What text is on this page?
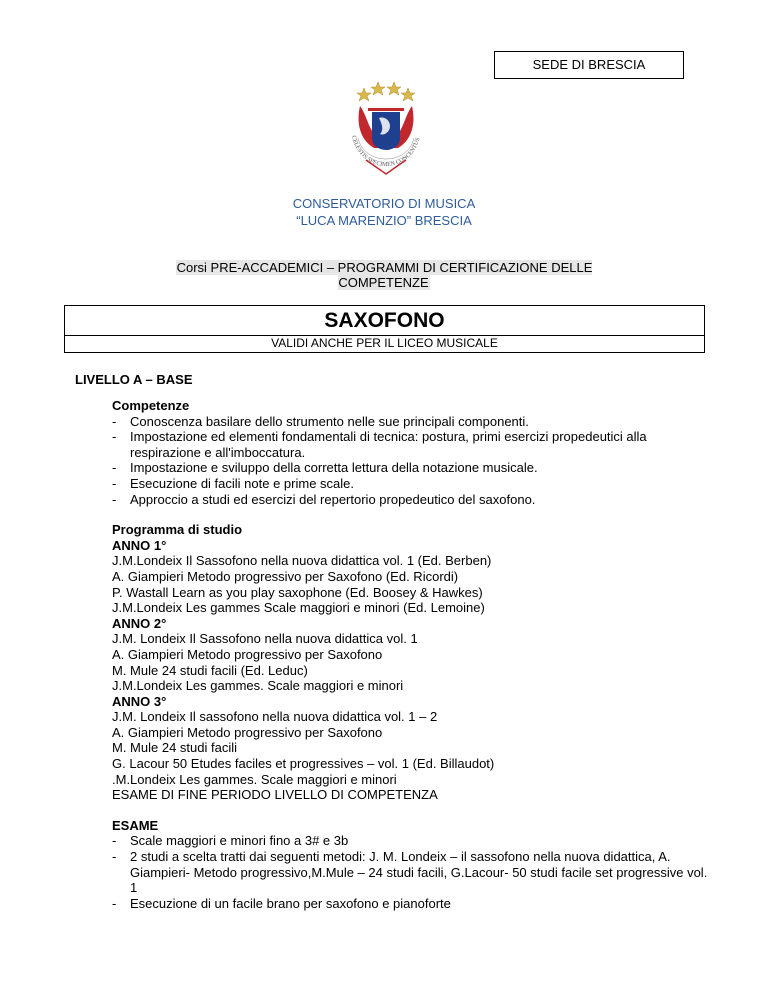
SEDE DI BRESCIA
CELESTIS SPECIMEN CONCENTUS
CONSERVATORIO DI MUSICA
“LUCA MARENZIO” BRESCIA
Corsi PRE-ACCADEMICI – PROGRAMMI DI CERTIFICAZIONE DELLE COMPETENZE
SAXOFONO
VALIDI ANCHE PER IL LICEO MUSICALE
LIVELLO A – BASE
Competenze
- Conoscenza basilare dello strumento nelle sue principali componenti.
- Impostazione ed elementi fondamentali di tecnica: postura, primi esercizi propedeutici alla respirazione e all'imboccatura.
- Impostazione e sviluppo della corretta lettura della notazione musicale.
- Esecuzione di facili note e prime scale.
- Approccio a studi ed esercizi del repertorio propedeutico del saxofono.
Programma di studio
ANNO 1°
J.M.Londeix Il Sassofono nella nuova didattica vol. 1 (Ed. Berben)
A. Giampieri Metodo progressivo per Saxofono (Ed. Ricordi)
P. Wastall Learn as you play saxophone (Ed. Boosey & Hawkes)
J.M.Londeix Les gammes Scale maggiori e minori (Ed. Lemoine)
ANNO 2°
J.M. Londeix Il Sassofono nella nuova didattica vol. 1
A. Giampieri Metodo progressivo per Saxofono
M. Mule 24 studi facili (Ed. Leduc)
J.M.Londeix Les gammes. Scale maggiori e minori
ANNO 3°
J.M. Londeix Il sassofono nella nuova didattica vol. 1 – 2
A. Giampieri Metodo progressivo per Saxofono
M. Mule 24 studi facili
G. Lacour 50 Etudes faciles et progressives – vol. 1 (Ed. Billaudot)
.M.Londeix Les gammes. Scale maggiori e minori
ESAME DI FINE PERIODO LIVELLO DI COMPETENZA
ESAME
- Scale maggiori e minori fino a 3# e 3b
- 2 studi a scelta tratti dai seguenti metodi: J. M. Londeix – il sassofono nella nuova didattica, A. Giampieri- Metodo progressivo,M.Mule – 24 studi facili, G.Lacour- 50 studi facile set progressive vol. 1
- Esecuzione di un facile brano per saxofono e pianoforte
